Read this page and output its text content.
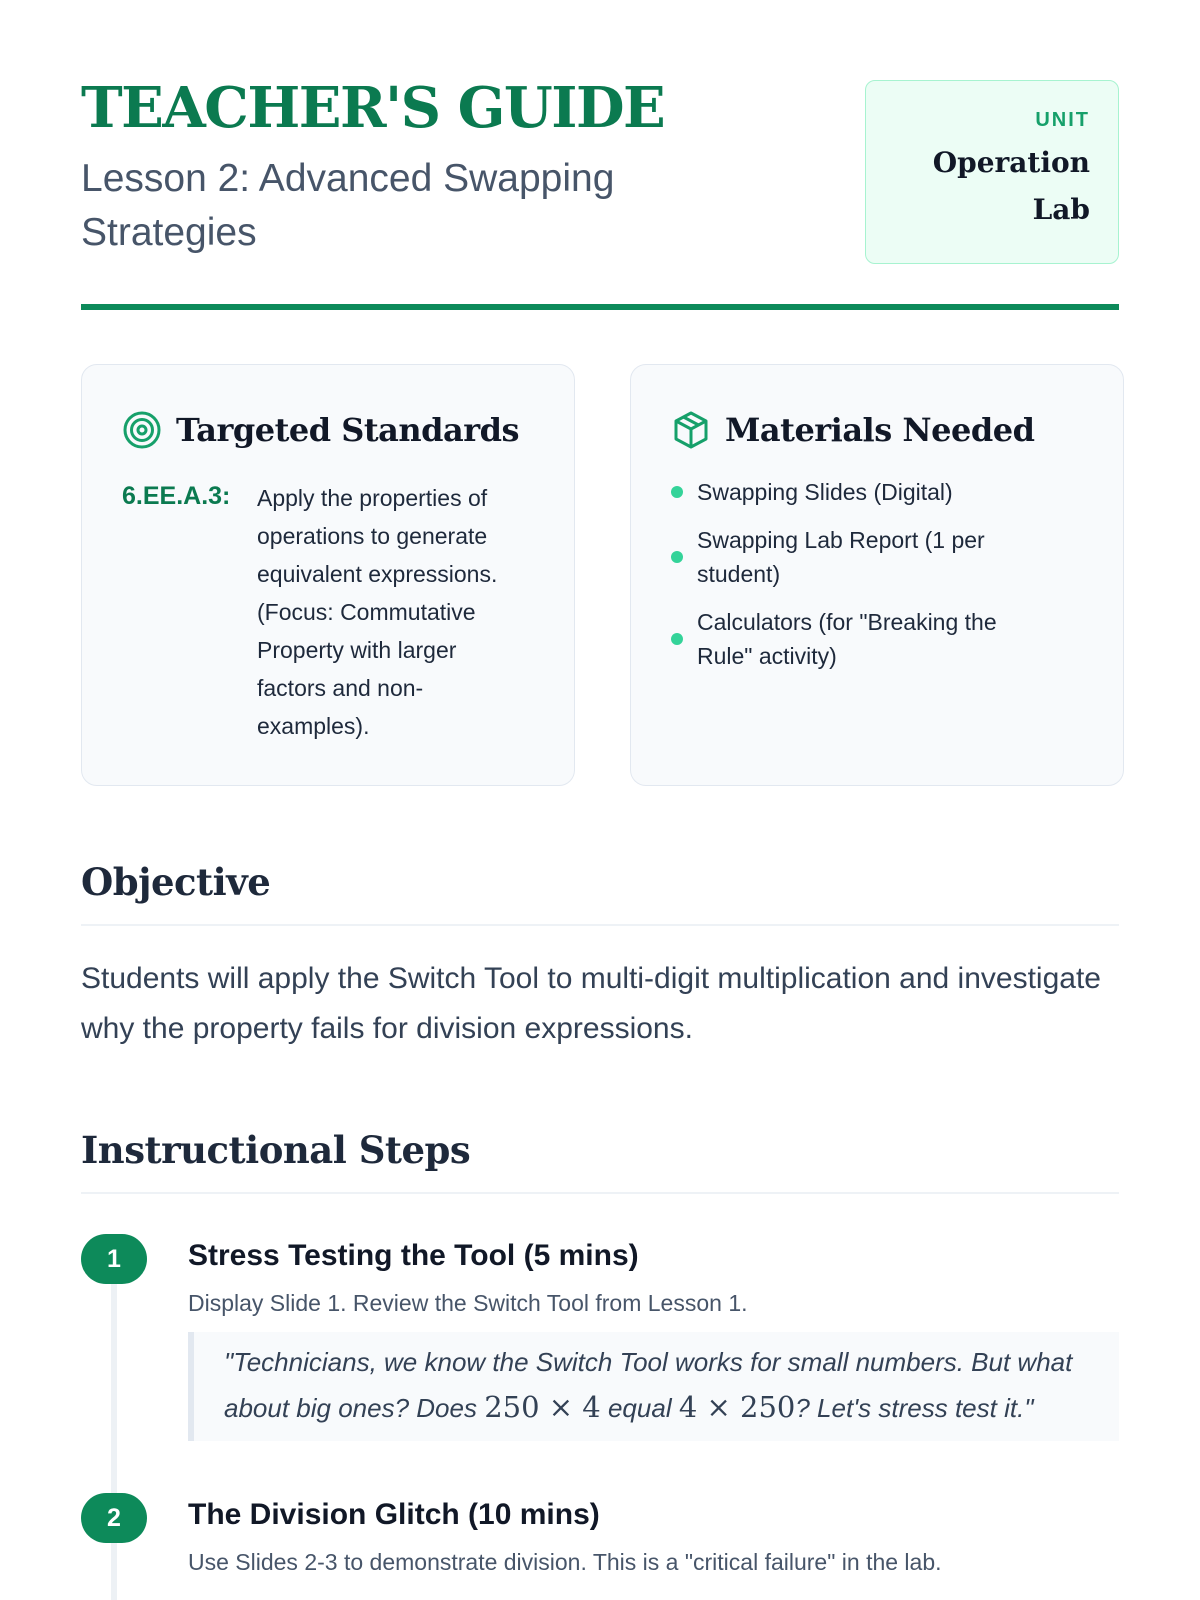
TEACHER'S GUIDE
Lesson 2: Advanced Swapping Strategies
UNIT
Operation Lab
Targeted Standards
6.EE.A.3:	Apply the properties of operations to generate equivalent expressions. (Focus: Commutative Property with larger factors and non-examples).
Materials Needed
Swapping Slides (Digital)
Swapping Lab Report (1 per student)
Calculators (for "Breaking the Rule" activity)
Objective

Students will apply the Switch Tool to multi-digit multiplication and investigate why the property fails for division expressions.

Instructional Steps
1	Stress Testing the Tool (5 mins)
Display Slide 1. Review the Switch Tool from Lesson 1.
"Technicians, we know the Switch Tool works for small numbers. But what about big ones? Does 250 × 4 equal 4 × 250? Let's stress test it."
2	The Division Glitch (10 mins)
Use Slides 2-3 to demonstrate division. This is a "critical failure" in the lab.
